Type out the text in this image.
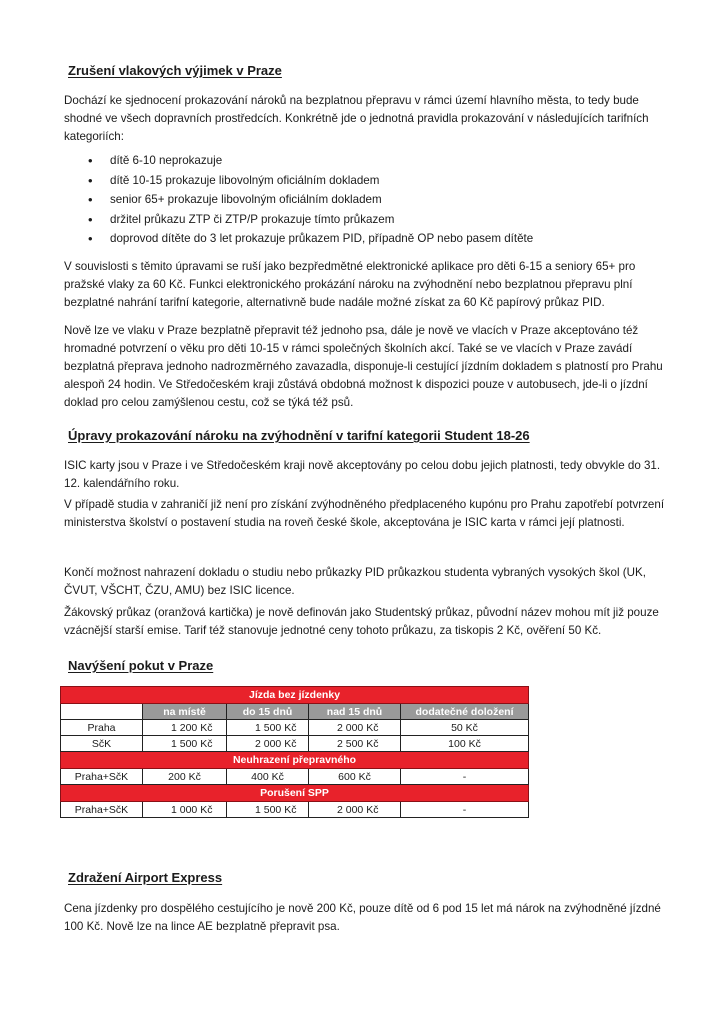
Zrušení vlakových výjimek v Praze
Dochází ke sjednocení prokazování nároků na bezplatnou přepravu v rámci území hlavního města, to tedy bude shodné ve všech dopravních prostředcích. Konkrétně jde o jednotná pravidla prokazování v následujících tarifních kategoriích:
• dítě 6-10 neprokazuje
• dítě 10-15 prokazuje libovolným oficiálním dokladem
• senior 65+ prokazuje libovolným oficiálním dokladem
• držitel průkazu ZTP či ZTP/P prokazuje tímto průkazem
• doprovod dítěte do 3 let prokazuje průkazem PID, případně OP nebo pasem dítěte
V souvislosti s těmito úpravami se ruší jako bezpředmětné elektronické aplikace pro děti 6-15 a seniory 65+ pro pražské vlaky za 60 Kč. Funkci elektronického prokázání nároku na zvýhodnění nebo bezplatnou přepravu plní bezplatné nahrání tarifní kategorie, alternativně bude nadále možné získat za 60 Kč papírový průkaz PID.
Nově lze ve vlaku v Praze bezplatně přepravit též jednoho psa, dále je nově ve vlacích v Praze akceptováno též hromadné potvrzení o věku pro děti 10-15 v rámci společných školních akcí. Také se ve vlacích v Praze zavádí bezplatná přeprava jednoho nadrozměrného zavazadla, disponuje-li cestující jízdním dokladem s platností pro Prahu alespoň 24 hodin. Ve Středočeském kraji zůstává obdobná možnost k dispozici pouze v autobusech, jde-li o jízdní doklad pro celou zamýšlenou cestu, což se týká též psů.
Úpravy prokazování nároku na zvýhodnění v tarifní kategorii Student 18-26
ISIC karty jsou v Praze i ve Středočeském kraji nově akceptovány po celou dobu jejich platnosti, tedy obvykle do 31. 12. kalendářního roku.
V případě studia v zahraničí již není pro získání zvýhodněného předplaceného kupónu pro Prahu zapotřebí potvrzení ministerstva školství o postavení studia na roveň české škole, akceptována je ISIC karta v rámci její platnosti.
Končí možnost nahrazení dokladu o studiu nebo průkazky PID průkazkou studenta vybraných vysokých škol (UK, ČVUT, VŠCHT, ČZU, AMU) bez ISIC licence.
Žákovský průkaz (oranžová kartička) je nově definován jako Studentský průkaz, původní název mohou mít již pouze vzácnější starší emise. Tarif též stanovuje jednotné ceny tohoto průkazu, za tiskopis 2 Kč, ověření 50 Kč.
Navýšení pokut v Praze
Jízda bez jízdenky				
	na místě	do 15 dnů	nad 15 dnů	dodatečné doložení
Praha	1 200 Kč	1 500 Kč	2 000 Kč	50 Kč
SčK	1 500 Kč	2 000 Kč	2 500 Kč	100 Kč
Neuhrazení přepravného				
Praha+SčK	200 Kč	400 Kč	600 Kč	-
Porušení SPP				
Praha+SčK	1 000 Kč	1 500 Kč	2 000 Kč	-
Zdražení Airport Express
Cena jízdenky pro dospělého cestujícího je nově 200 Kč, pouze dítě od 6 pod 15 let má nárok na zvýhodněné jízdné 100 Kč. Nově lze na lince AE bezplatně přepravit psa.
